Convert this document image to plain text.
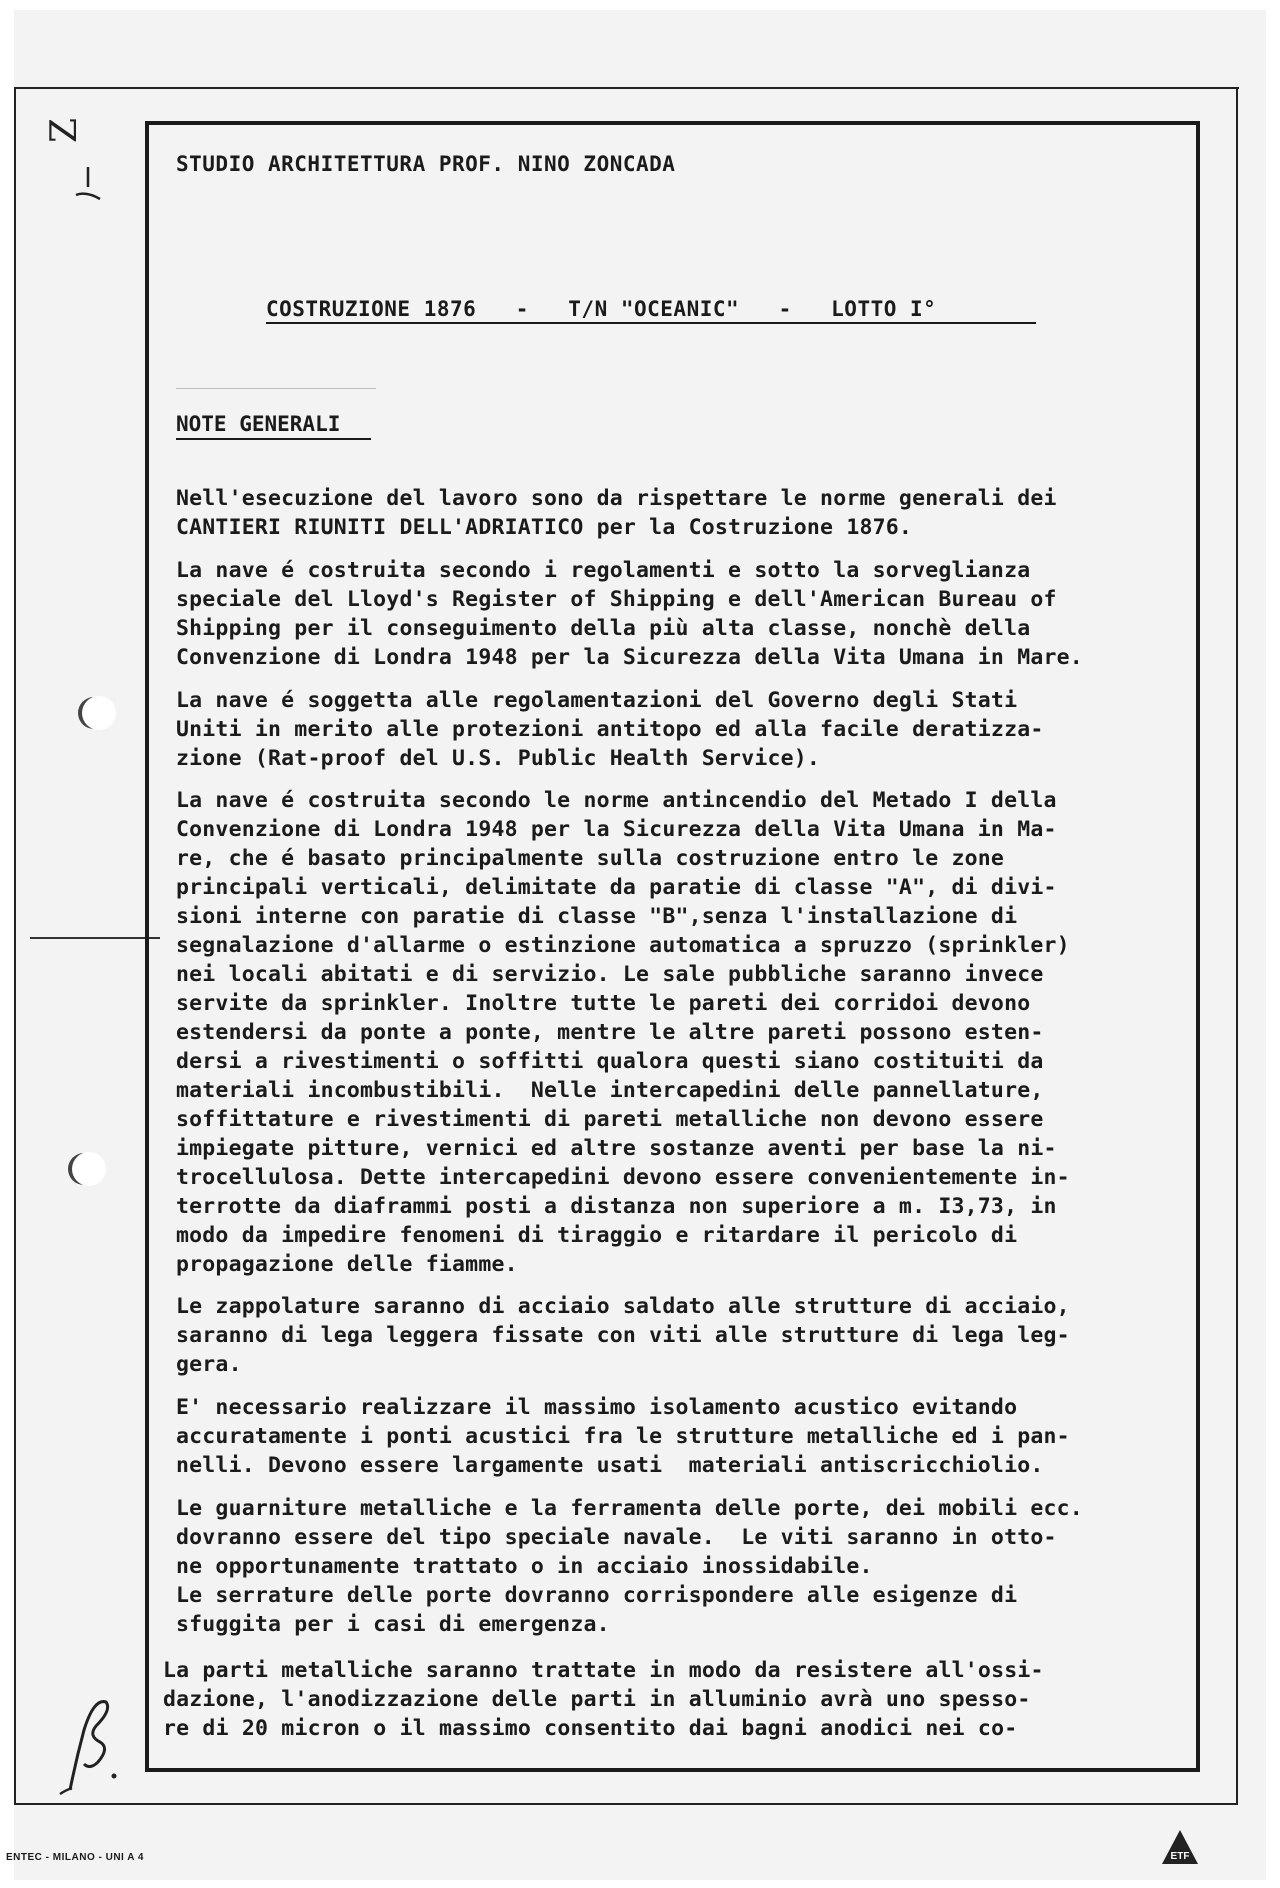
Z
STUDIO ARCHITETTURA PROF. NINO ZONCADA
COSTRUZIONE 1876   -   T/N "OCEANIC"   -   LOTTO I°
NOTE GENERALI

Nell'esecuzione del lavoro sono da rispettare le norme generali dei
CANTIERI RIUNITI DELL'ADRIATICO per la Costruzione 1876.

La nave é costruita secondo i regolamenti e sotto la sorveglianza
speciale del Lloyd's Register of Shipping e dell'American Bureau of
Shipping per il conseguimento della più alta classe, nonchè della
Convenzione di Londra 1948 per la Sicurezza della Vita Umana in Mare.

La nave é soggetta alle regolamentazioni del Governo degli Stati
Uniti in merito alle protezioni antitopo ed alla facile deratizza-
zione (Rat-proof del U.S. Public Health Service).

La nave é costruita secondo le norme antincendio del Metado I della
Convenzione di Londra 1948 per la Sicurezza della Vita Umana in Ma-
re, che é basato principalmente sulla costruzione entro le zone
principali verticali, delimitate da paratie di classe "A", di divi-
sioni interne con paratie di classe "B",senza l'installazione di
segnalazione d'allarme o estinzione automatica a spruzzo (sprinkler)
nei locali abitati e di servizio. Le sale pubbliche saranno invece
servite da sprinkler. Inoltre tutte le pareti dei corridoi devono
estendersi da ponte a ponte, mentre le altre pareti possono esten-
dersi a rivestimenti o soffitti qualora questi siano costituiti da
materiali incombustibili.  Nelle intercapedini delle pannellature,
soffittature e rivestimenti di pareti metalliche non devono essere
impiegate pitture, vernici ed altre sostanze aventi per base la ni-
trocellulosa. Dette intercapedini devono essere convenientemente in-
terrotte da diaframmi posti a distanza non superiore a m. I3,73, in
modo da impedire fenomeni di tiraggio e ritardare il pericolo di
propagazione delle fiamme.

Le zappolature saranno di acciaio saldato alle strutture di acciaio,
saranno di lega leggera fissate con viti alle strutture di lega leg-
gera.

E' necessario realizzare il massimo isolamento acustico evitando
accuratamente i ponti acustici fra le strutture metalliche ed i pan-
nelli. Devono essere largamente usati  materiali antiscricchiolio.

Le guarniture metalliche e la ferramenta delle porte, dei mobili ecc.
dovranno essere del tipo speciale navale.  Le viti saranno in otto-
ne opportunamente trattato o in acciaio inossidabile.
Le serrature delle porte dovranno corrispondere alle esigenze di
sfuggita per i casi di emergenza.

La parti metalliche saranno trattate in modo da resistere all'ossi-
dazione, l'anodizzazione delle parti in alluminio avrà uno spesso-
re di 20 micron o il massimo consentito dai bagni anodici nei co-

ENTEC - MILANO - UNI A 4	ETF
